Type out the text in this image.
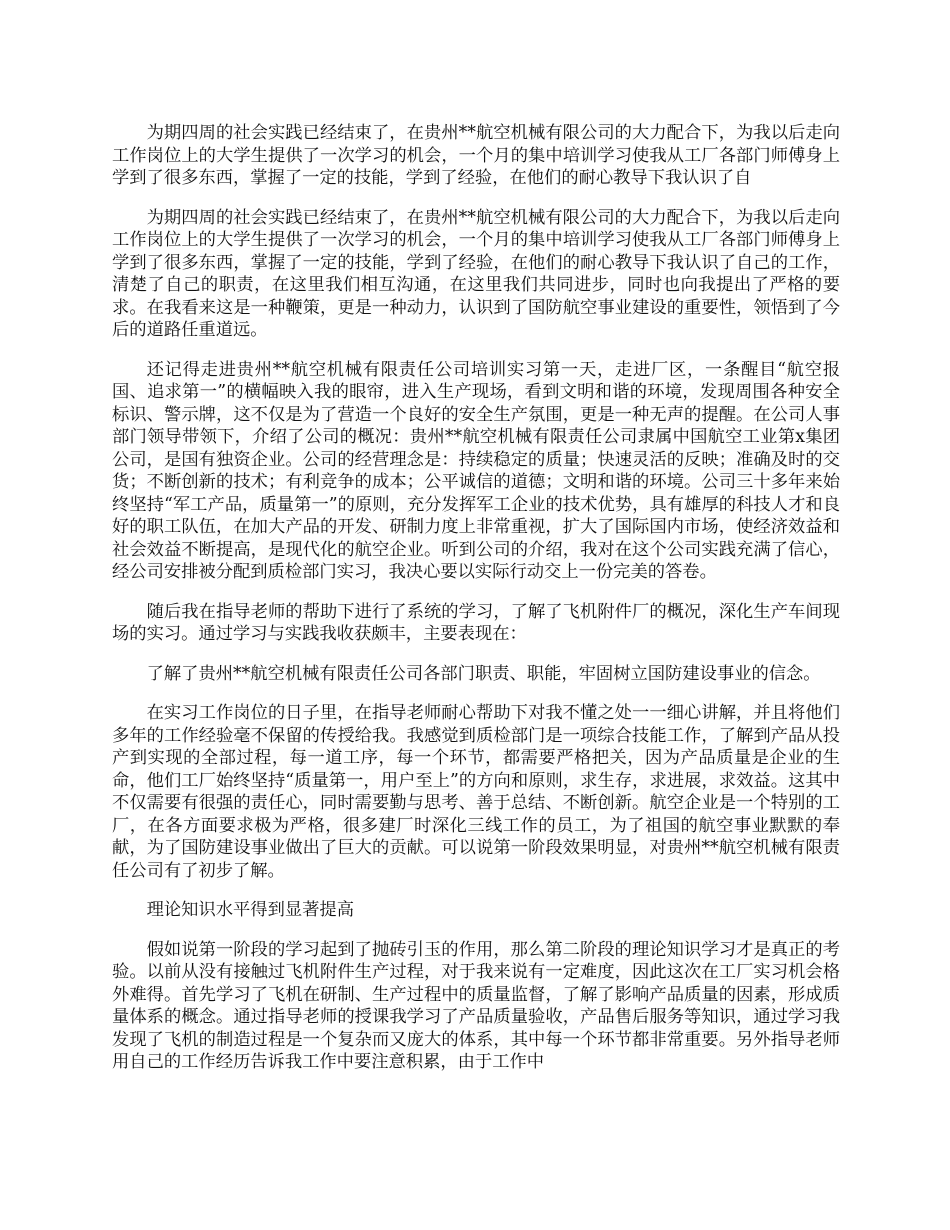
为期四周的社会实践已经结束了，在贵州**航空机械有限公司的大力配合下，为我以后走向工作岗位上的大学生提供了一次学习的机会，一个月的集中培训学习使我从工厂各部门师傅身上学到了很多东西，掌握了一定的技能，学到了经验，在他们的耐心教导下我认识了自

为期四周的社会实践已经结束了，在贵州**航空机械有限公司的大力配合下，为我以后走向工作岗位上的大学生提供了一次学习的机会，一个月的集中培训学习使我从工厂各部门师傅身上学到了很多东西，掌握了一定的技能，学到了经验，在他们的耐心教导下我认识了自己的工作，清楚了自己的职责，在这里我们相互沟通，在这里我们共同进步，同时也向我提出了严格的要求。在我看来这是一种鞭策，更是一种动力，认识到了国防航空事业建设的重要性，领悟到了今后的道路任重道远。

还记得走进贵州**航空机械有限责任公司培训实习第一天，走进厂区，一条醒目“航空报国、追求第一”的横幅映入我的眼帘，进入生产现场，看到文明和谐的环境，发现周围各种安全标识、警示牌，这不仅是为了营造一个良好的安全生产氛围，更是一种无声的提醒。在公司人事部门领导带领下，介绍了公司的概况：贵州**航空机械有限责任公司隶属中国航空工业第x集团公司，是国有独资企业。公司的经营理念是：持续稳定的质量；快速灵活的反映；准确及时的交货；不断创新的技术；有利竞争的成本；公平诚信的道德；文明和谐的环境。公司三十多年来始终坚持“军工产品，质量第一”的原则，充分发挥军工企业的技术优势，具有雄厚的科技人才和良好的职工队伍，在加大产品的开发、研制力度上非常重视，扩大了国际国内市场，使经济效益和社会效益不断提高，是现代化的航空企业。听到公司的介绍，我对在这个公司实践充满了信心，经公司安排被分配到质检部门实习，我决心要以实际行动交上一份完美的答卷。

随后我在指导老师的帮助下进行了系统的学习，了解了飞机附件厂的概况，深化生产车间现场的实习。通过学习与实践我收获颇丰，主要表现在：

了解了贵州**航空机械有限责任公司各部门职责、职能，牢固树立国防建设事业的信念。

在实习工作岗位的日子里，在指导老师耐心帮助下对我不懂之处一一细心讲解，并且将他们多年的工作经验毫不保留的传授给我。我感觉到质检部门是一项综合技能工作，了解到产品从投产到实现的全部过程，每一道工序，每一个环节，都需要严格把关，因为产品质量是企业的生命，他们工厂始终坚持“质量第一，用户至上”的方向和原则，求生存，求进展，求效益。这其中不仅需要有很强的责任心，同时需要勤与思考、善于总结、不断创新。航空企业是一个特别的工厂，在各方面要求极为严格，很多建厂时深化三线工作的员工，为了祖国的航空事业默默的奉献，为了国防建设事业做出了巨大的贡献。可以说第一阶段效果明显，对贵州**航空机械有限责任公司有了初步了解。

理论知识水平得到显著提高

假如说第一阶段的学习起到了抛砖引玉的作用，那么第二阶段的理论知识学习才是真正的考验。以前从没有接触过飞机附件生产过程，对于我来说有一定难度，因此这次在工厂实习机会格外难得。首先学习了飞机在研制、生产过程中的质量监督，了解了影响产品质量的因素，形成质量体系的概念。通过指导老师的授课我学习了产品质量验收，产品售后服务等知识，通过学习我发现了飞机的制造过程是一个复杂而又庞大的体系，其中每一个环节都非常重要。另外指导老师用自己的工作经历告诉我工作中要注意积累，由于工作中
